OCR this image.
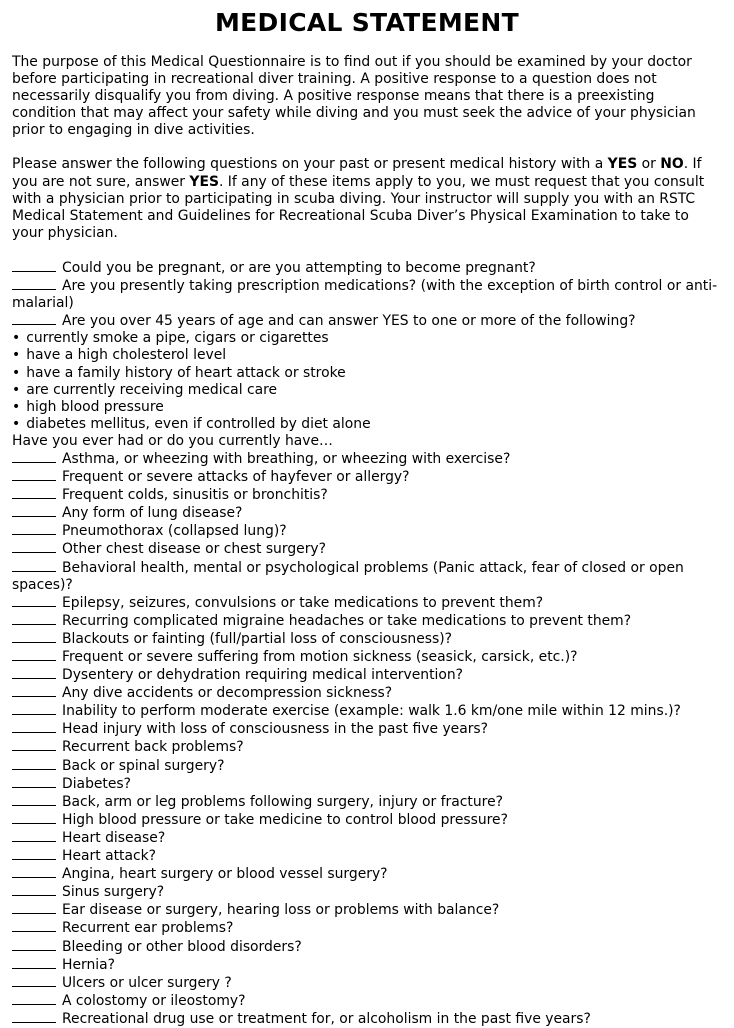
MEDICAL STATEMENT

The purpose of this Medical Questionnaire is to find out if you should be examined by your doctor before participating in recreational diver training. A positive response to a question does not necessarily disqualify you from diving. A positive response means that there is a preexisting condition that may affect your safety while diving and you must seek the advice of your physician prior to engaging in dive activities.

Please answer the following questions on your past or present medical history with a YES or NO. If you are not sure, answer YES. If any of these items apply to you, we must request that you consult with a physician prior to participating in scuba diving. Your instructor will supply you with an RSTC Medical Statement and Guidelines for Recreational Scuba Diver’s Physical Examination to take to your physician.

Could you be pregnant, or are you attempting to become pregnant?
Are you presently taking prescription medications? (with the exception of birth control or anti-malarial)
Are you over 45 years of age and can answer YES to one or more of the following?
• currently smoke a pipe, cigars or cigarettes
• have a high cholesterol level
• have a family history of heart attack or stroke
• are currently receiving medical care
• high blood pressure
• diabetes mellitus, even if controlled by diet alone
Have you ever had or do you currently have…
Asthma, or wheezing with breathing, or wheezing with exercise?
Frequent or severe attacks of hayfever or allergy?
Frequent colds, sinusitis or bronchitis?
Any form of lung disease?
Pneumothorax (collapsed lung)?
Other chest disease or chest surgery?
Behavioral health, mental or psychological problems (Panic attack, fear of closed or open spaces)?
Epilepsy, seizures, convulsions or take medications to prevent them?
Recurring complicated migraine headaches or take medications to prevent them?
Blackouts or fainting (full/partial loss of consciousness)?
Frequent or severe suffering from motion sickness (seasick, carsick, etc.)?
Dysentery or dehydration requiring medical intervention?
Any dive accidents or decompression sickness?
Inability to perform moderate exercise (example: walk 1.6 km/one mile within 12 mins.)?
Head injury with loss of consciousness in the past five years?
Recurrent back problems?
Back or spinal surgery?
Diabetes?
Back, arm or leg problems following surgery, injury or fracture?
High blood pressure or take medicine to control blood pressure?
Heart disease?
Heart attack?
Angina, heart surgery or blood vessel surgery?
Sinus surgery?
Ear disease or surgery, hearing loss or problems with balance?
Recurrent ear problems?
Bleeding or other blood disorders?
Hernia?
Ulcers or ulcer surgery ?
A colostomy or ileostomy?
Recreational drug use or treatment for, or alcoholism in the past five years?
